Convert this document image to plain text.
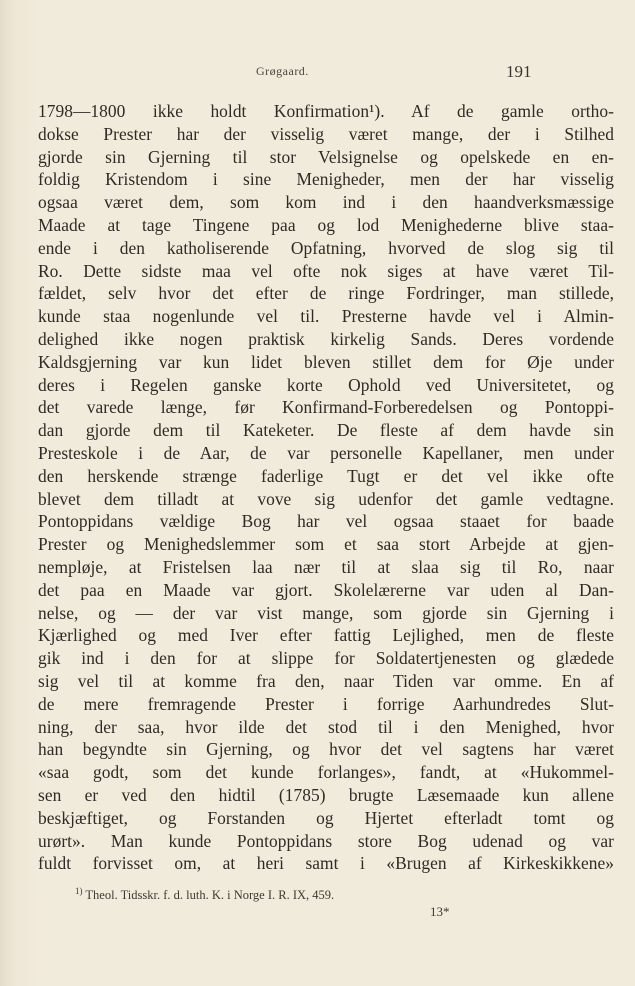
Grøgaard.	191
1798—1800 ikke holdt Konfirmation¹). Af de gamle ortho-
dokse Prester har der visselig været mange, der i Stilhed
gjorde sin Gjerning til stor Velsignelse og opelskede en en-
foldig Kristendom i sine Menigheder, men der har visselig
ogsaa været dem, som kom ind i den haandverksmæssige
Maade at tage Tingene paa og lod Menighederne blive staa-
ende i den katholiserende Opfatning, hvorved de slog sig til
Ro. Dette sidste maa vel ofte nok siges at have været Til-
fældet, selv hvor det efter de ringe Fordringer, man stillede,
kunde staa nogenlunde vel til. Presterne havde vel i Almin-
delighed ikke nogen praktisk kirkelig Sands. Deres vordende
Kaldsgjerning var kun lidet bleven stillet dem for Øje under
deres i Regelen ganske korte Ophold ved Universitetet, og
det varede længe, før Konfirmand-Forberedelsen og Pontoppi-
dan gjorde dem til Kateketer. De fleste af dem havde sin
Presteskole i de Aar, de var personelle Kapellaner, men under
den herskende strænge faderlige Tugt er det vel ikke ofte
blevet dem tilladt at vove sig udenfor det gamle vedtagne.
Pontoppidans vældige Bog har vel ogsaa staaet for baade
Prester og Menighedslemmer som et saa stort Arbejde at gjen-
nempløje, at Fristelsen laa nær til at slaa sig til Ro, naar
det paa en Maade var gjort. Skolelærerne var uden al Dan-
nelse, og — der var vist mange, som gjorde sin Gjerning i
Kjærlighed og med Iver efter fattig Lejlighed, men de fleste
gik ind i den for at slippe for Soldatertjenesten og glædede
sig vel til at komme fra den, naar Tiden var omme. En af
de mere fremragende Prester i forrige Aarhundredes Slut-
ning, der saa, hvor ilde det stod til i den Menighed, hvor
han begyndte sin Gjerning, og hvor det vel sagtens har været
«saa godt, som det kunde forlanges», fandt, at «Hukommel-
sen er ved den hidtil (1785) brugte Læsemaade kun allene
beskjæftiget, og Forstanden og Hjertet efterladt tomt og
urørt». Man kunde Pontoppidans store Bog udenad og var
fuldt forvisset om, at heri samt i «Brugen af Kirkeskikkene»
$^{1)}$ Theol. Tidsskr. f. d. luth. K. i Norge I. R. IX, 459.
13*
